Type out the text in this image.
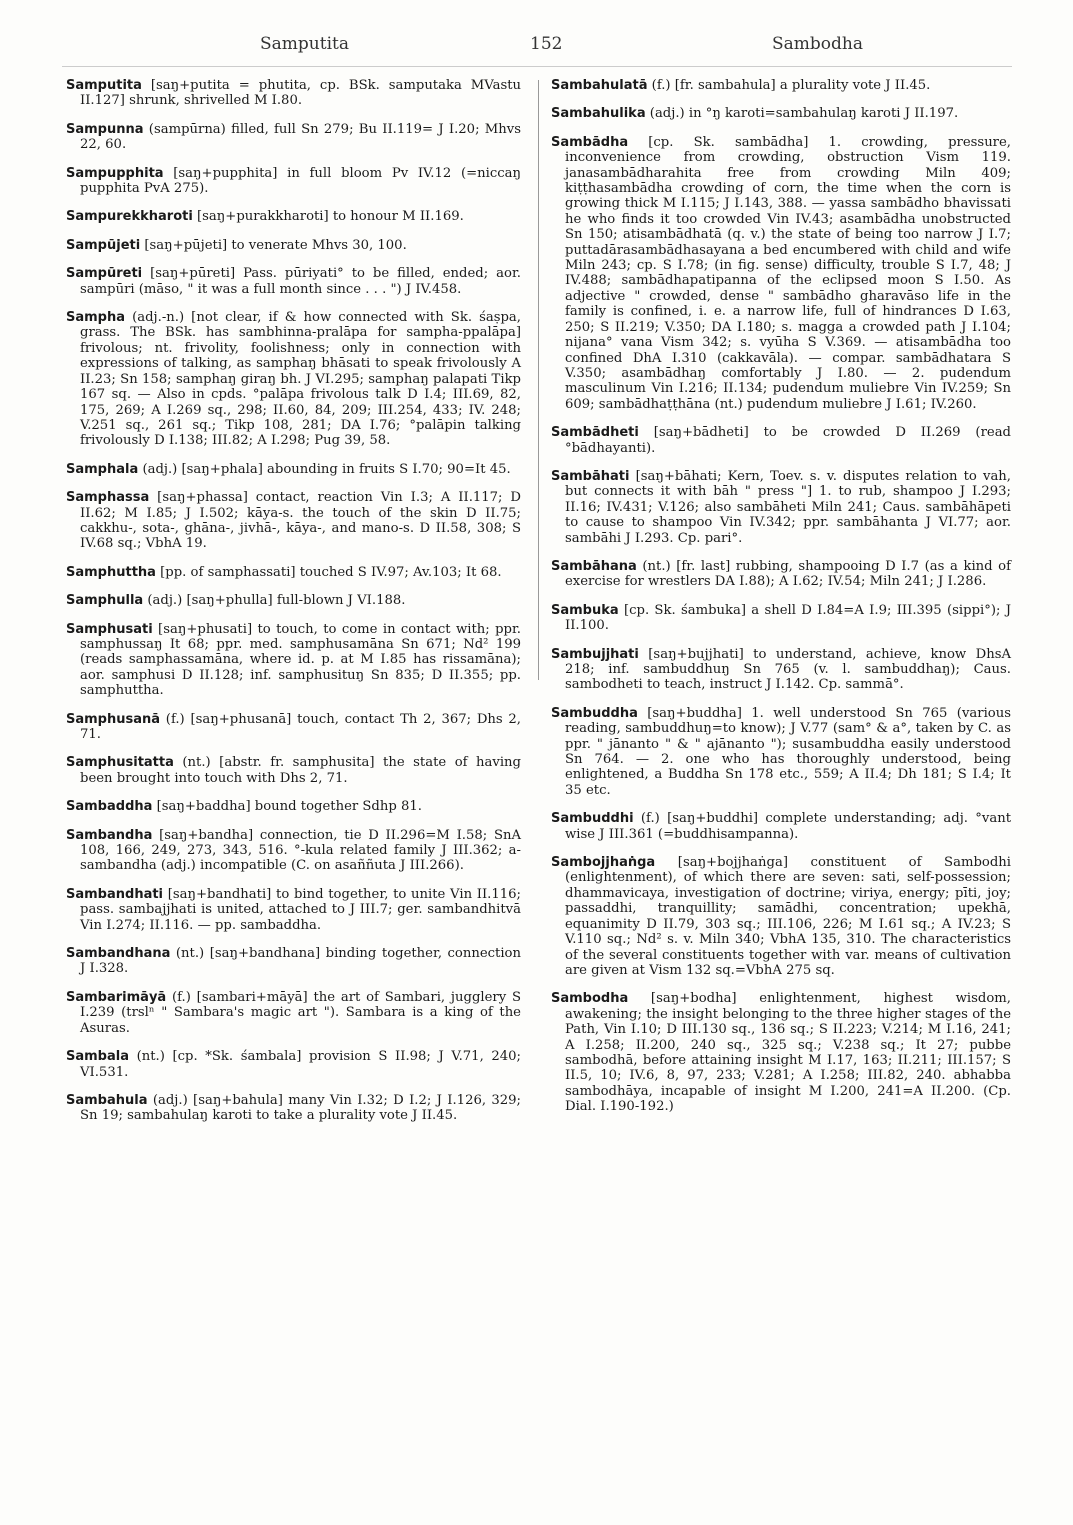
Samputita	152	Sambodha

Samputita [saŋ+putita = phutita, cp. BSk. samputaka MVastu II.127] shrunk, shrivelled M I.80.

Sampunna (sampūrna) filled, full Sn 279; Bu II.119= J I.20; Mhvs 22, 60.

Sampupphita [saŋ+pupphita] in full bloom Pv IV.12 (=niccaŋ pupphita PvA 275).

Sampurekkharoti [saŋ+purakkharoti] to honour M II.169.

Sampūjeti [saŋ+pūjeti] to venerate Mhvs 30, 100.

Sampūreti [saŋ+pūreti] Pass. pūriyati° to be filled, ended; aor. sampūri (māso, " it was a full month since . . . ") J IV.458.

Sampha (adj.-n.) [not clear, if & how connected with Sk. śaṣpa, grass. The BSk. has sambhinna-pralāpa for sampha-ppalāpa] frivolous; nt. frivolity, foolishness; only in connection with expressions of talking, as samphaŋ bhāsati to speak frivolously A II.23; Sn 158; samphaŋ giraŋ bh. J VI.295; samphaŋ palapati Tikp 167 sq. — Also in cpds. °palāpa frivolous talk D I.4; III.69, 82, 175, 269; A I.269 sq., 298; II.60, 84, 209; III.254, 433; IV. 248; V.251 sq., 261 sq.; Tikp 108, 281; DA I.76; °palāpin talking frivolously D I.138; III.82; A I.298; Pug 39, 58.

Samphala (adj.) [saŋ+phala] abounding in fruits S I.70; 90=It 45.

Samphassa [saŋ+phassa] contact, reaction Vin I.3; A II.117; D II.62; M I.85; J I.502; kāya-s. the touch of the skin D II.75; cakkhu-, sota-, ghāna-, jivhā-, kāya-, and mano-s. D II.58, 308; S IV.68 sq.; VbhA 19.

Samphuttha [pp. of samphassati] touched S IV.97; Av.103; It 68.

Samphulla (adj.) [saŋ+phulla] full-blown J VI.188.

Samphusati [saŋ+phusati] to touch, to come in contact with; ppr. samphussaŋ It 68; ppr. med. samphusamāna Sn 671; Nd² 199 (reads samphassamāna, where id. p. at M I.85 has rissamāna); aor. samphusi D II.128; inf. samphusituŋ Sn 835; D II.355; pp. samphuttha.

Samphusanā (f.) [saŋ+phusanā] touch, contact Th 2, 367; Dhs 2, 71.

Samphusitatta (nt.) [abstr. fr. samphusita] the state of having been brought into touch with Dhs 2, 71.

Sambaddha [saŋ+baddha] bound together Sdhp 81.

Sambandha [saŋ+bandha] connection, tie D II.296=M I.58; SnA 108, 166, 249, 273, 343, 516. °-kula related family J III.362; a-sambandha (adj.) incompatible (C. on asaññuta J III.266).

Sambandhati [saŋ+bandhati] to bind together, to unite Vin II.116; pass. sambajjhati is united, attached to J III.7; ger. sambandhitvā Vin I.274; II.116. — pp. sambaddha.

Sambandhana (nt.) [saŋ+bandhana] binding together, connection J I.328.

Sambarimāyā (f.) [sambari+māyā] the art of Sambari, jugglery S I.239 (trslⁿ " Sambara's magic art "). Sambara is a king of the Asuras.

Sambala (nt.) [cp. *Sk. śambala] provision S II.98; J V.71, 240; VI.531.

Sambahula (adj.) [saŋ+bahula] many Vin I.32; D I.2; J I.126, 329; Sn 19; sambahulaŋ karoti to take a plurality vote J II.45.

Sambahulatā (f.) [fr. sambahula] a plurality vote J II.45.

Sambahulika (adj.) in °ŋ karoti=sambahulaŋ karoti J II.197.

Sambādha [cp. Sk. sambādha] 1. crowding, pressure, inconvenience from crowding, obstruction Vism 119. janasambādharahita free from crowding Miln 409; kiṭṭhasambādha crowding of corn, the time when the corn is growing thick M I.115; J I.143, 388. — yassa sambādho bhavissati he who finds it too crowded Vin IV.43; asambādha unobstructed Sn 150; atisambādhatā (q. v.) the state of being too narrow J I.7; puttadārasambādhasayana a bed encumbered with child and wife Miln 243; cp. S I.78; (in fig. sense) difficulty, trouble S I.7, 48; J IV.488; sambādhapatipanna of the eclipsed moon S I.50. As adjective " crowded, dense " sambādho gharavāso life in the family is confined, i. e. a narrow life, full of hindrances D I.63, 250; S II.219; V.350; DA I.180; s. magga a crowded path J I.104; nijana° vana Vism 342; s. vyūha S V.369. — atisambādha too confined DhA I.310 (cakkavāla). — compar. sambādhatara S V.350; asambādhaŋ comfortably J I.80. — 2. pudendum masculinum Vin I.216; II.134; pudendum muliebre Vin IV.259; Sn 609; sambādhaṭṭhāna (nt.) pudendum muliebre J I.61; IV.260.

Sambādheti [saŋ+bādheti] to be crowded D II.269 (read °bādhayanti).

Sambāhati [saŋ+bāhati; Kern, Toev. s. v. disputes relation to vah, but connects it with bāh " press "] 1. to rub, shampoo J I.293; II.16; IV.431; V.126; also sambāheti Miln 241; Caus. sambāhāpeti to cause to shampoo Vin IV.342; ppr. sambāhanta J VI.77; aor. sambāhi J I.293. Cp. pari°.

Sambāhana (nt.) [fr. last] rubbing, shampooing D I.7 (as a kind of exercise for wrestlers DA I.88); A I.62; IV.54; Miln 241; J I.286.

Sambuka [cp. Sk. śambuka] a shell D I.84=A I.9; III.395 (sippi°); J II.100.

Sambujjhati [saŋ+bujjhati] to understand, achieve, know DhsA 218; inf. sambuddhuŋ Sn 765 (v. l. sambuddhaŋ); Caus. sambodheti to teach, instruct J I.142. Cp. sammā°.

Sambuddha [saŋ+buddha] 1. well understood Sn 765 (various reading, sambuddhuŋ=to know); J V.77 (sam° & a°, taken by C. as ppr. " jānanto " & " ajānanto "); susambuddha easily understood Sn 764. — 2. one who has thoroughly understood, being enlightened, a Buddha Sn 178 etc., 559; A II.4; Dh 181; S I.4; It 35 etc.

Sambuddhi (f.) [saŋ+buddhi] complete understanding; adj. °vant wise J III.361 (=buddhisampanna).

Sambojjhaṅga [saŋ+bojjhaṅga] constituent of Sambodhi (enlightenment), of which there are seven: sati, self-possession; dhammavicaya, investigation of doctrine; viriya, energy; pīti, joy; passaddhi, tranquillity; samādhi, concentration; upekhā, equanimity D II.79, 303 sq.; III.106, 226; M I.61 sq.; A IV.23; S V.110 sq.; Nd² s. v. Miln 340; VbhA 135, 310. The characteristics of the several constituents together with var. means of cultivation are given at Vism 132 sq.=VbhA 275 sq.

Sambodha [saŋ+bodha] enlightenment, highest wisdom, awakening; the insight belonging to the three higher stages of the Path, Vin I.10; D III.130 sq., 136 sq.; S II.223; V.214; M I.16, 241; A I.258; II.200, 240 sq., 325 sq.; V.238 sq.; It 27; pubbe sambodhā, before attaining insight M I.17, 163; II.211; III.157; S II.5, 10; IV.6, 8, 97, 233; V.281; A I.258; III.82, 240. abhabba sambodhāya, incapable of insight M I.200, 241=A II.200. (Cp. Dial. I.190-192.)
